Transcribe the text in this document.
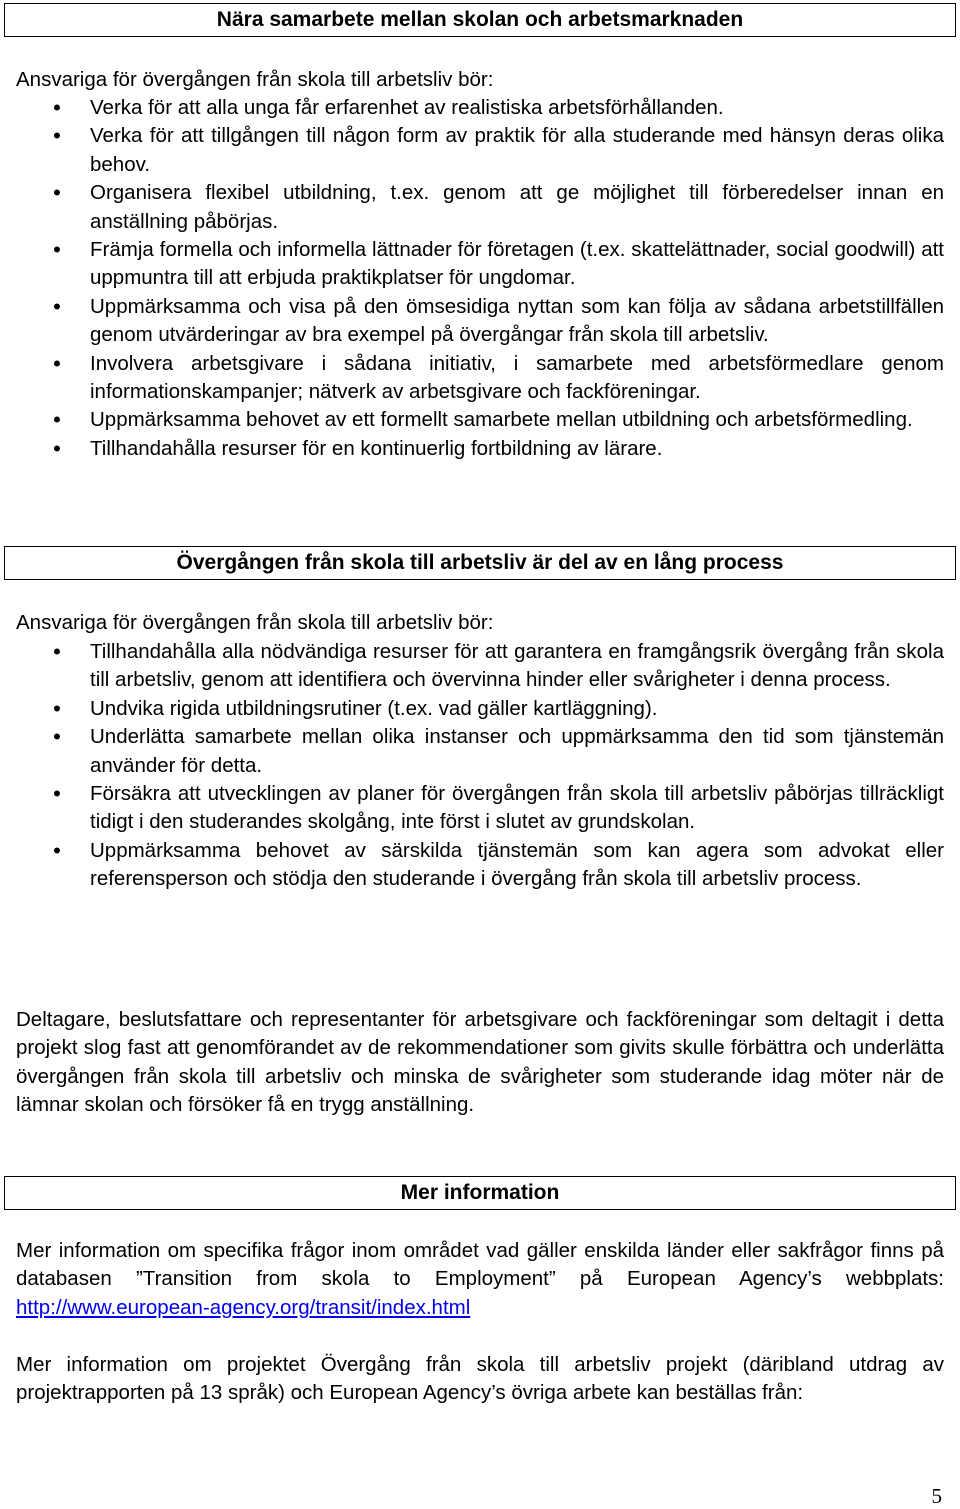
Nära samarbete mellan skolan och arbetsmarknaden
Ansvariga för övergången från skola till arbetsliv bör:
• Verka för att alla unga får erfarenhet av realistiska arbetsförhållanden.
• Verka för att tillgången till någon form av praktik för alla studerande med hänsyn deras olika behov.
• Organisera flexibel utbildning, t.ex. genom att ge möjlighet till förberedelser innan en anställning påbörjas.
• Främja formella och informella lättnader för företagen (t.ex. skattelättnader, social goodwill) att uppmuntra till att erbjuda praktikplatser för ungdomar.
• Uppmärksamma och visa på den ömsesidiga nyttan som kan följa av sådana arbetstillfällen genom utvärderingar av bra exempel på övergångar från skola till arbetsliv.
• Involvera arbetsgivare i sådana initiativ, i samarbete med arbetsförmedlare genom informationskampanjer; nätverk av arbetsgivare och fackföreningar.
• Uppmärksamma behovet av ett formellt samarbete mellan utbildning och arbetsförmedling.
• Tillhandahålla resurser för en kontinuerlig fortbildning av lärare.
Övergången från skola till arbetsliv är del av en lång process
Ansvariga för övergången från skola till arbetsliv bör:
• Tillhandahålla alla nödvändiga resurser för att garantera en framgångsrik övergång från skola till arbetsliv, genom att identifiera och övervinna hinder eller svårigheter i denna process.
• Undvika rigida utbildningsrutiner (t.ex. vad gäller kartläggning).
• Underlätta samarbete mellan olika instanser och uppmärksamma den tid som tjänstemän använder för detta.
• Försäkra att utvecklingen av planer för övergången från skola till arbetsliv påbörjas tillräckligt tidigt i den studerandes skolgång, inte först i slutet av grundskolan.
• Uppmärksamma behovet av särskilda tjänstemän som kan agera som advokat eller referensperson och stödja den studerande i övergång från skola till arbetsliv process.
Deltagare, beslutsfattare och representanter för arbetsgivare och fackföreningar som deltagit i detta projekt slog fast att genomförandet av de rekommendationer som givits skulle förbättra och underlätta övergången från skola till arbetsliv och minska de svårigheter som studerande idag möter när de lämnar skolan och försöker få en trygg anställning.
Mer information
Mer information om specifika frågor inom området vad gäller enskilda länder eller sakfrågor finns på databasen ”Transition from skola to Employment” på European Agency’s webbplats: http://www.european-agency.org/transit/index.html
Mer information om projektet Övergång från skola till arbetsliv projekt (däribland utdrag av projektrapporten på 13 språk) och European Agency’s övriga arbete kan beställas från:
5
